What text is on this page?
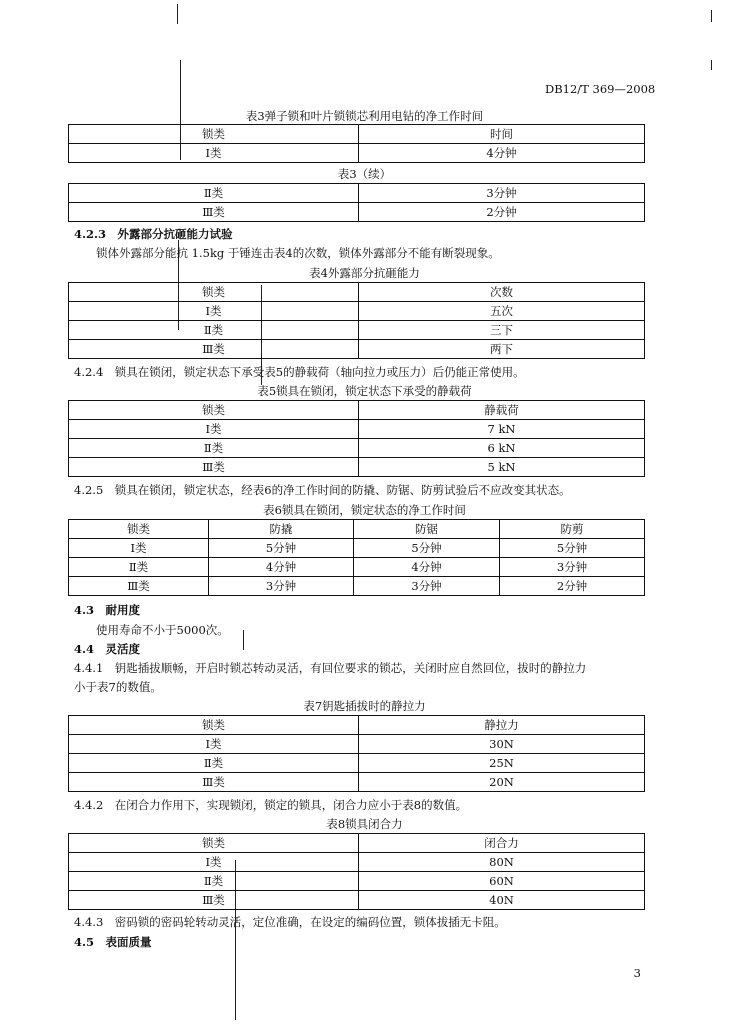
DB12/T 369—2008
表3弹子锁和叶片锁锁芯利用电钻的净工作时间
锁类	时间
Ⅰ类	4分钟
表3（续）
Ⅱ类	3分钟
Ⅲ类	2分钟
4.2.3　外露部分抗砸能力试验
锁体外露部分能抗 1.5kg 于锤连击表4的次数，锁体外露部分不能有断裂现象。
表4外露部分抗砸能力
锁类	次数
Ⅰ类	五次
Ⅱ类	三下
Ⅲ类	两下
4.2.4　锁具在锁闭，锁定状态下承受表5的静载荷（轴向拉力或压力）后仍能正常使用。
表5锁具在锁闭，锁定状态下承受的静载荷
锁类	静载荷
Ⅰ类	7 kN
Ⅱ类	6 kN
Ⅲ类	5 kN
4.2.5　锁具在锁闭，锁定状态，经表6的净工作时间的防撬、防锯、防剪试验后不应改变其状态。
表6锁具在锁闭，锁定状态的净工作时间
锁类	防撬	防锯	防剪
Ⅰ类	5分钟	5分钟	5分钟
Ⅱ类	4分钟	4分钟	3分钟
Ⅲ类	3分钟	3分钟	2分钟
4.3　耐用度
使用寿命不小于5000次。
4.4　灵活度
4.4.1　钥匙插拔顺畅，开启时锁芯转动灵活，有回位要求的锁芯，关闭时应自然回位，拔时的静拉力
小于表7的数值。
表7钥匙插拔时的静拉力
锁类	静拉力
Ⅰ类	30N
Ⅱ类	25N
Ⅲ类	20N
4.4.2　在闭合力作用下，实现锁闭，锁定的锁具，闭合力应小于表8的数值。
表8锁具闭合力
锁类	闭合力
Ⅰ类	80N
Ⅱ类	60N
Ⅲ类	40N
4.4.3　密码锁的密码轮转动灵活，定位准确，在设定的编码位置，锁体拔插无卡阻。
4.5　表面质量
3
